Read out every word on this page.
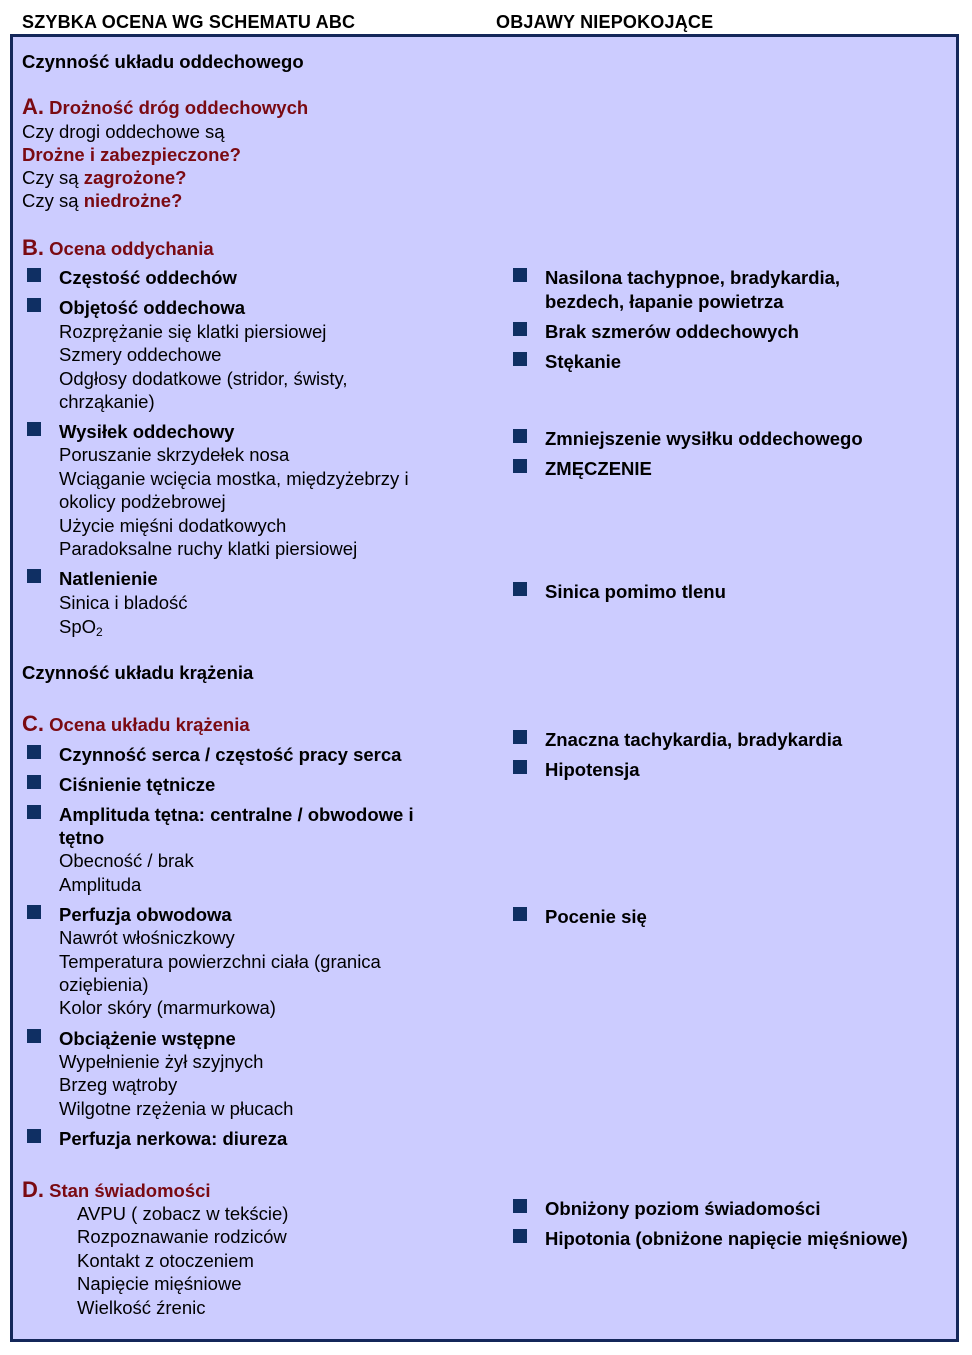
SZYBKA OCENA WG SCHEMATU ABC	OBJAWY NIEPOKOJĄCE
Czynność układu oddechowego
A. Drożność dróg oddechowych
Czy drogi oddechowe są
Drożne i zabezpieczone?
Czy są zagrożone?
Czy są niedrożne?
B. Ocena oddychania
Częstość oddechów
Objętość oddechowa
Rozprężanie się klatki piersiowej
Szmery oddechowe
Odgłosy dodatkowe (stridor, świsty,
chrząkanie)
Wysiłek oddechowy
Poruszanie skrzydełek nosa
Wciąganie wcięcia mostka, międzyżebrzy i
okolicy podżebrowej
Użycie mięśni dodatkowych
Paradoksalne ruchy klatki piersiowej
Natlenienie
Sinica i bladość
SpO$_2$
Nasilona tachypnoe, bradykardia,
bezdech, łapanie powietrza
Brak szmerów oddechowych
Stękanie
Zmniejszenie wysiłku oddechowego
ZMĘCZENIE
Sinica pomimo tlenu
Czynność układu krążenia
C. Ocena układu krążenia
Czynność serca / częstość pracy serca
Ciśnienie tętnicze
Amplituda tętna: centralne / obwodowe i
tętno
Obecność / brak
Amplituda
Perfuzja obwodowa
Nawrót włośniczkowy
Temperatura powierzchni ciała (granica
oziębienia)
Kolor skóry (marmurkowa)
Obciążenie wstępne
Wypełnienie żył szyjnych
Brzeg wątroby
Wilgotne rzężenia w płucach
Perfuzja nerkowa: diureza
Znaczna tachykardia, bradykardia
Hipotensja
Pocenie się
D. Stan świadomości
AVPU ( zobacz w tekście)
Rozpoznawanie rodziców
Kontakt z otoczeniem
Napięcie mięśniowe
Wielkość źrenic
Obniżony poziom świadomości
Hipotonia (obniżone napięcie mięśniowe)
